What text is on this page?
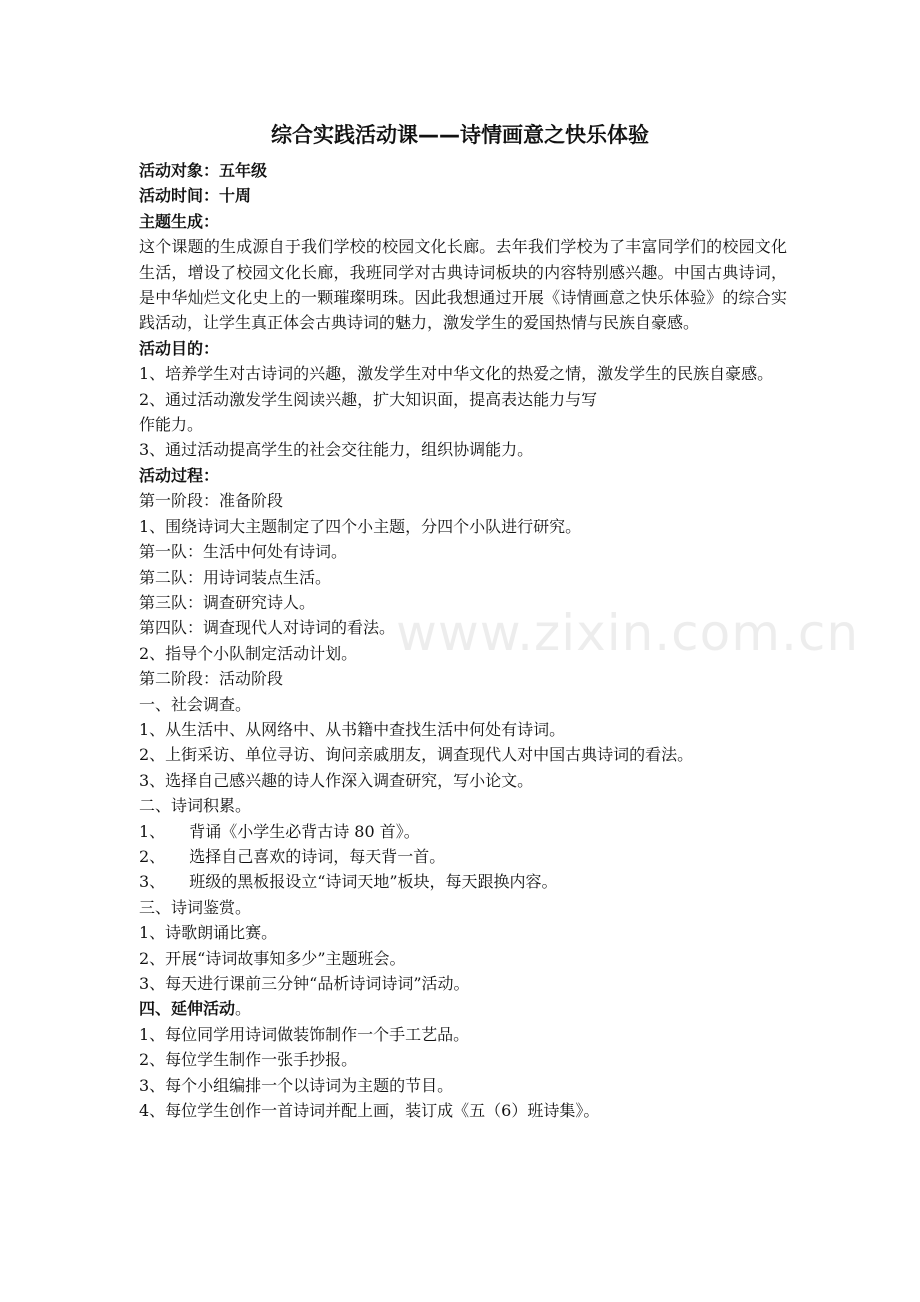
www.zixin.com.cn
综合实践活动课——诗情画意之快乐体验
活动对象：五年级
活动时间：十周
主题生成：
这个课题的生成源自于我们学校的校园文化长廊。去年我们学校为了丰富同学们的校园文化生活，增设了校园文化长廊，我班同学对古典诗词板块的内容特别感兴趣。中国古典诗词，是中华灿烂文化史上的一颗璀璨明珠。因此我想通过开展《诗情画意之快乐体验》的综合实践活动，让学生真正体会古典诗词的魅力，激发学生的爱国热情与民族自豪感。
活动目的：
1、培养学生对古诗词的兴趣，激发学生对中华文化的热爱之情，激发学生的民族自豪感。
2、通过活动激发学生阅读兴趣，扩大知识面，提高表达能力与写
作能力。
3、通过活动提高学生的社会交往能力，组织协调能力。
活动过程：
第一阶段：准备阶段
1、围绕诗词大主题制定了四个小主题，分四个小队进行研究。
第一队：生活中何处有诗词。
第二队：用诗词装点生活。
第三队：调查研究诗人。
第四队：调查现代人对诗词的看法。
2、指导个小队制定活动计划。
第二阶段：活动阶段
一、社会调查。
1、从生活中、从网络中、从书籍中查找生活中何处有诗词。
2、上街采访、单位寻访、询问亲戚朋友，调查现代人对中国古典诗词的看法。
3、选择自己感兴趣的诗人作深入调查研究，写小论文。
二、诗词积累。
1、 背诵《小学生必背古诗 80 首》。
2、 选择自己喜欢的诗词，每天背一首。
3、 班级的黑板报设立“诗词天地”板块，每天跟换内容。
三、诗词鉴赏。
1、诗歌朗诵比赛。
2、开展“诗词故事知多少”主题班会。
3、每天进行课前三分钟“品析诗词诗词”活动。
四、延伸活动。
1、每位同学用诗词做装饰制作一个手工艺品。
2、每位学生制作一张手抄报。
3、每个小组编排一个以诗词为主题的节目。
4、每位学生创作一首诗词并配上画，装订成《五（6）班诗集》。
